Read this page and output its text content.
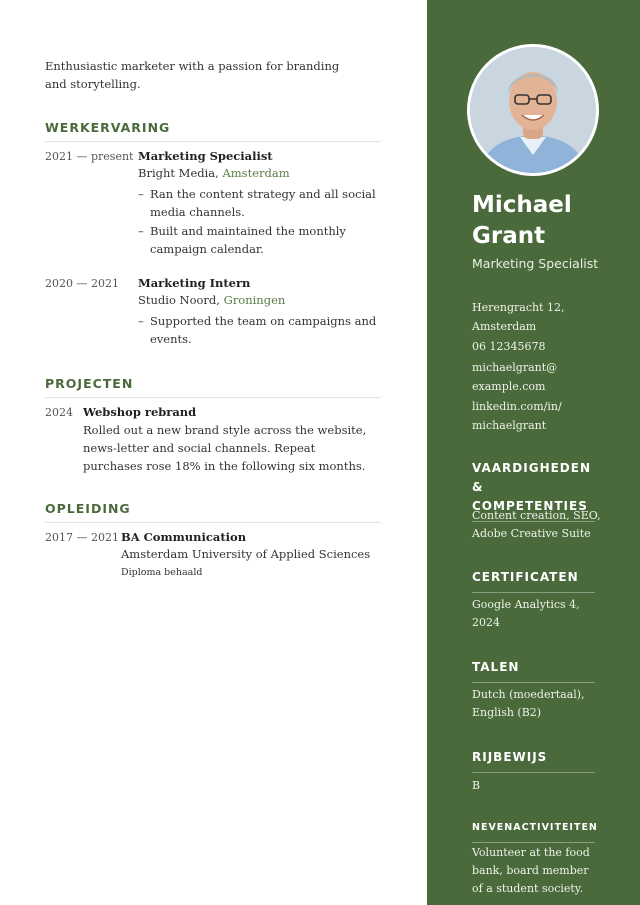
Enthusiastic marketer with a passion for branding and storytelling.

WERKERVARING
2021 — present Marketing Specialist
Bright Media, Amsterdam
– Ran the content strategy and all social media channels.
– Built and maintained the monthly campaign calendar.
2020 — 2021 Marketing Intern
Studio Noord, Groningen
– Supported the team on campaigns and events.
PROJECTEN
2024 Webshop rebrand
Rolled out a new brand style across the website, news-letter and social channels. Repeat purchases rose 18% in the following six months.
OPLEIDING
2017 — 2021 BA Communication
Amsterdam University of Applied Sciences
Diploma behaald
Michael Grant
Marketing Specialist
Herengracht 12, Amsterdam
06 12345678
michaelgrant@ example.com
linkedin.com/in/ michaelgrant
VAARDIGHEDEN & COMPETENTIES
Content creation, SEO, Adobe Creative Suite
CERTIFICATEN
Google Analytics 4, 2024
TALEN
Dutch (moedertaal), English (B2)
RIJBEWIJS
B
NEVENACTIVITEITEN
Volunteer at the food bank, board member of a student society.
